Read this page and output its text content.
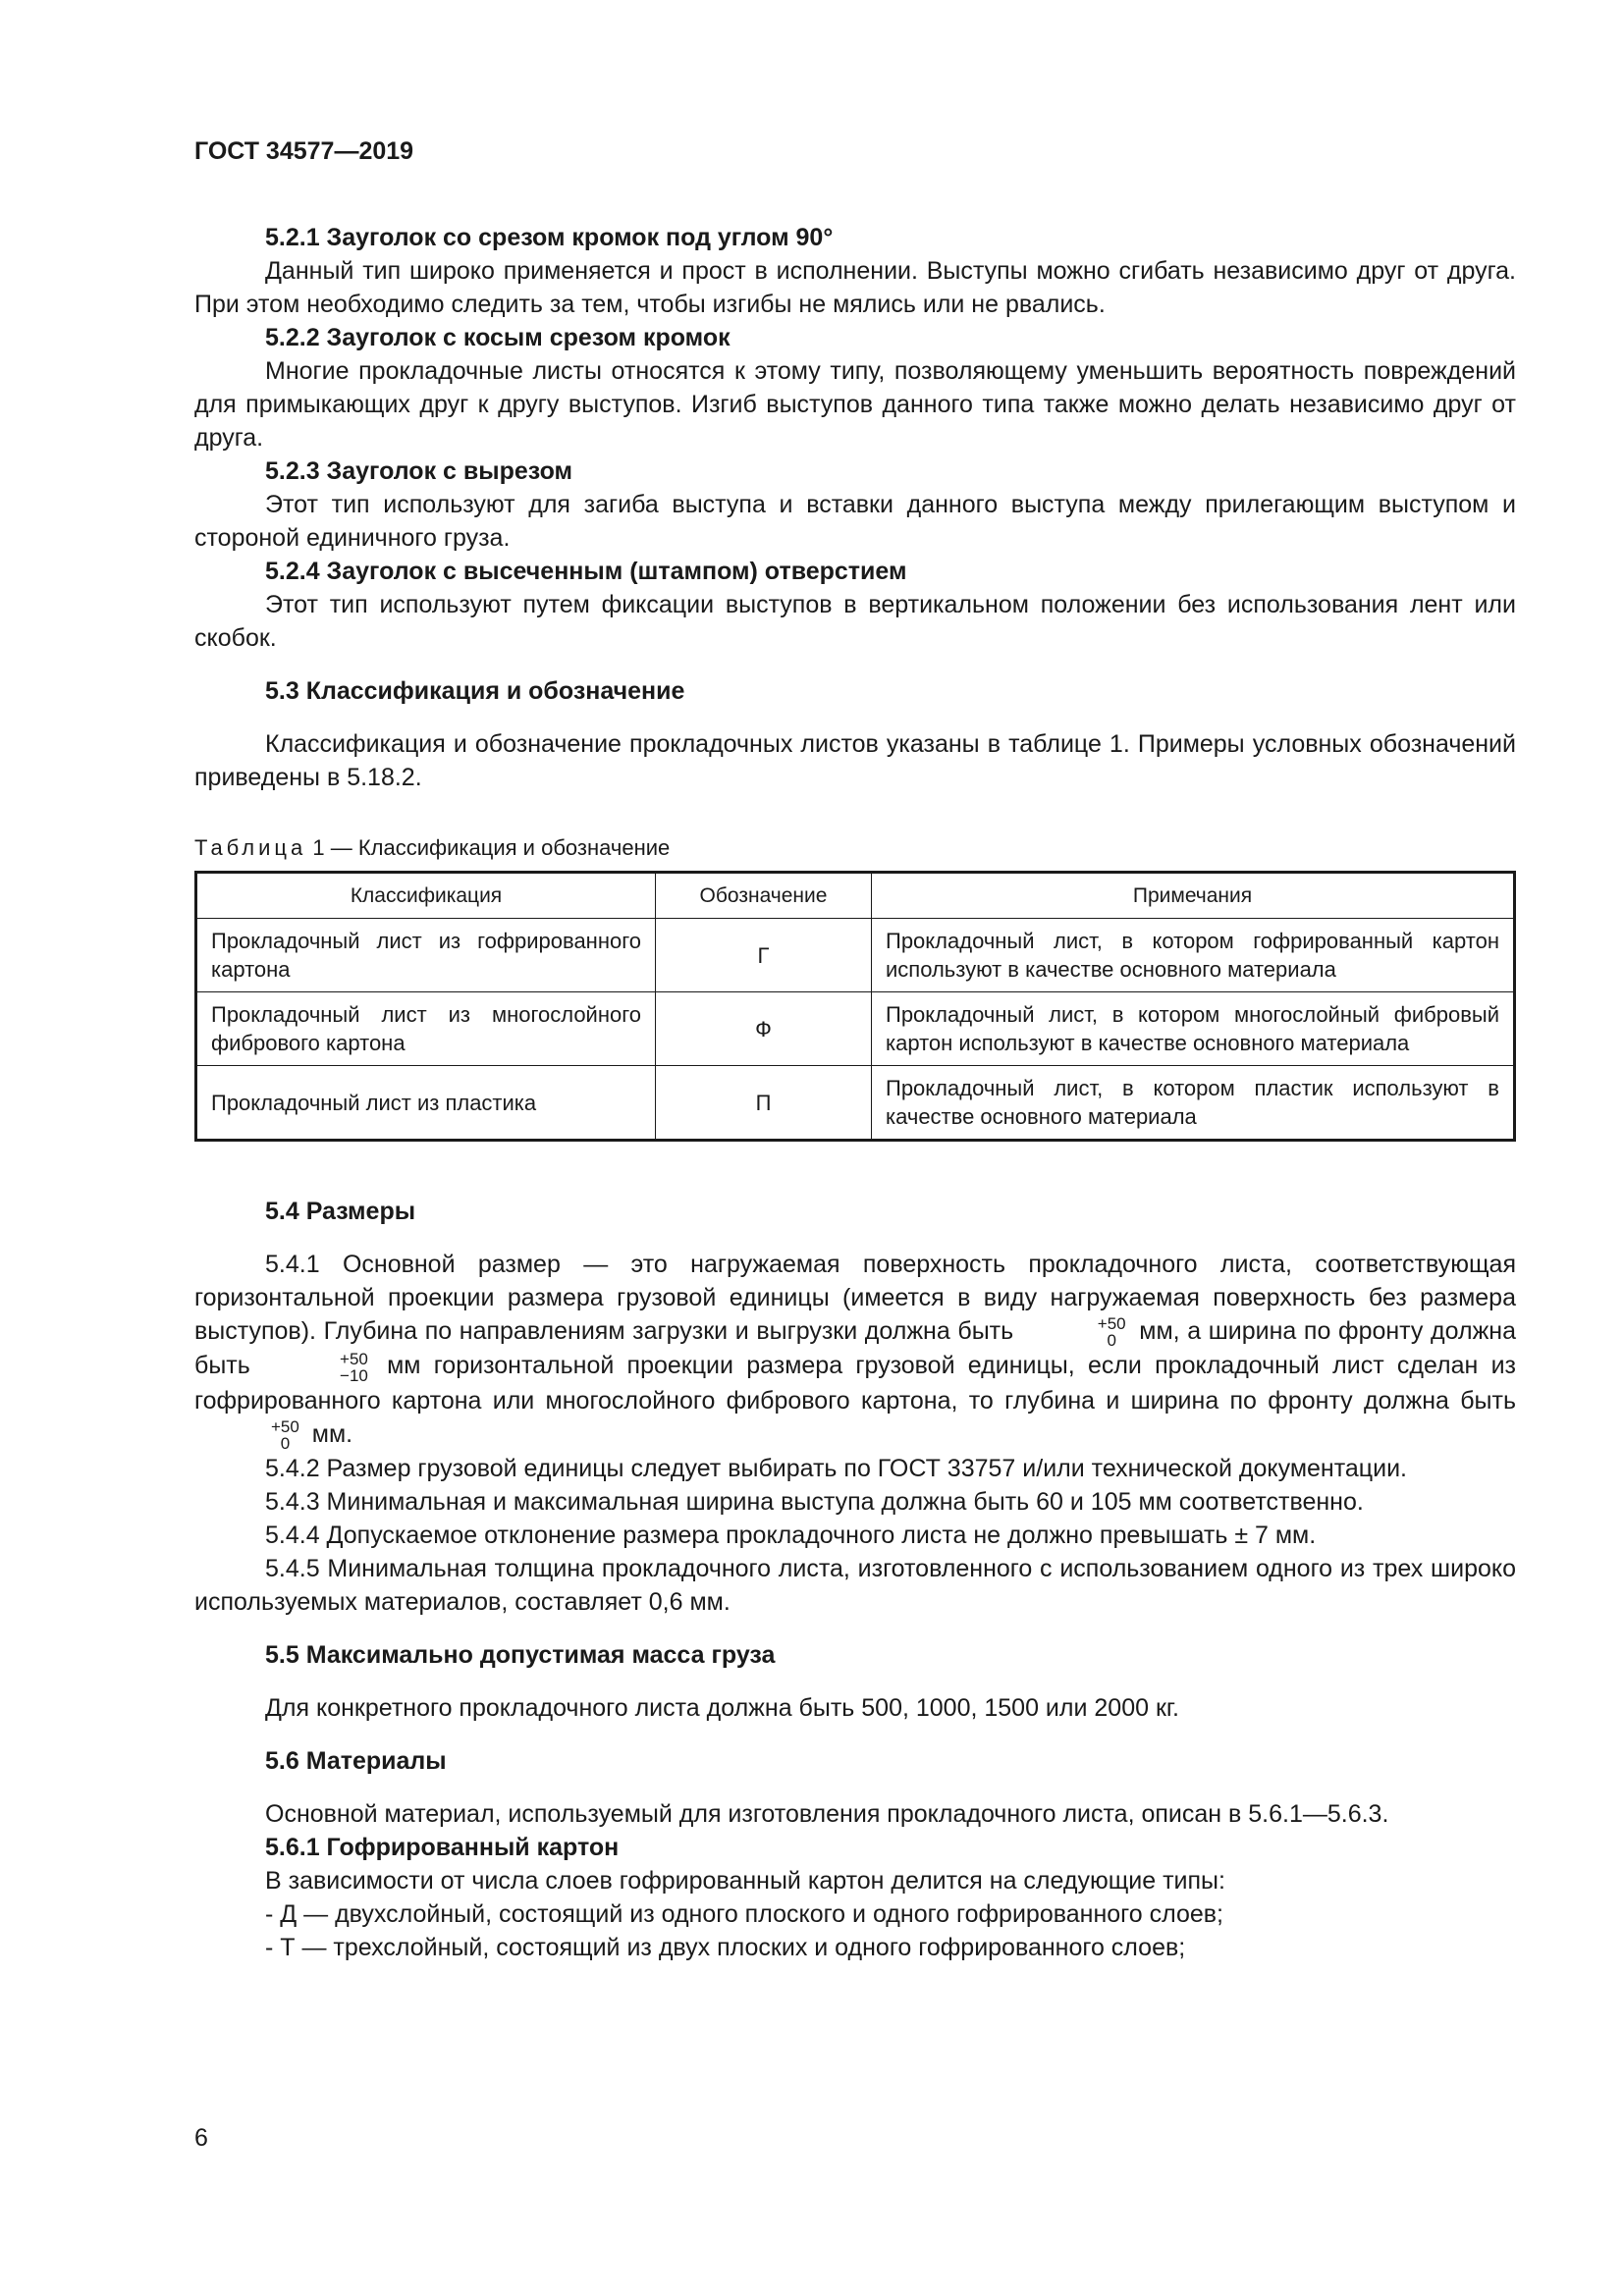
ГОСТ 34577—2019

5.2.1 Зауголок со срезом кромок под углом 90°

Данный тип широко применяется и прост в исполнении. Выступы можно сгибать независимо друг от друга. При этом необходимо следить за тем, чтобы изгибы не мялись или не рвались.

5.2.2 Зауголок с косым срезом кромок

Многие прокладочные листы относятся к этому типу, позволяющему уменьшить вероятность повреждений для примыкающих друг к другу выступов. Изгиб выступов данного типа также можно делать независимо друг от друга.

5.2.3 Зауголок с вырезом

Этот тип используют для загиба выступа и вставки данного выступа между прилегающим выступом и стороной единичного груза.

5.2.4 Зауголок с высеченным (штампом) отверстием

Этот тип используют путем фиксации выступов в вертикальном положении без использования лент или скобок.

5.3 Классификация и обозначение

Классификация и обозначение прокладочных листов указаны в таблице 1. Примеры условных обозначений приведены в 5.18.2.

Таблица 1 — Классификация и обозначение
Классификация	Обозначение	Примечания
Прокладочный лист из гофрированного картона	Г	Прокладочный лист, в котором гофрированный картон используют в качестве основного материала
Прокладочный лист из многослойного фибрового картона	Ф	Прокладочный лист, в котором многослойный фибровый картон используют в качестве основного материала
Прокладочный лист из пластика	П	Прокладочный лист, в котором пластик используют в качестве основного материала

5.4 Размеры

5.4.1 Основной размер — это нагружаемая поверхность прокладочного листа, соответствующая горизонтальной проекции размера грузовой единицы (имеется в виду нагружаемая поверхность без размера выступов). Глубина по направлениям загрузки и выгрузки должна быть	+50
0 мм, а ширина по фронту должна быть	+50
−10 мм горизонтальной проекции размера грузовой единицы, если прокладочный лист сделан из гофрированного картона или многослойного фибрового картона, то глубина и ширина по фронту должна быть
+50
0 мм.

5.4.2 Размер грузовой единицы следует выбирать по ГОСТ 33757 и/или технической документации.

5.4.3 Минимальная и максимальная ширина выступа должна быть 60 и 105 мм соответственно.

5.4.4 Допускаемое отклонение размера прокладочного листа не должно превышать ± 7 мм.

5.4.5 Минимальная толщина прокладочного листа, изготовленного с использованием одного из трех широко используемых материалов, составляет 0,6 мм.

5.5 Максимально допустимая масса груза

Для конкретного прокладочного листа должна быть 500, 1000, 1500 или 2000 кг.

5.6 Материалы

Основной материал, используемый для изготовления прокладочного листа, описан в 5.6.1—5.6.3.

5.6.1 Гофрированный картон

В зависимости от числа слоев гофрированный картон делится на следующие типы:

- Д — двухслойный, состоящий из одного плоского и одного гофрированного слоев;

- Т — трехслойный, состоящий из двух плоских и одного гофрированного слоев;

6
